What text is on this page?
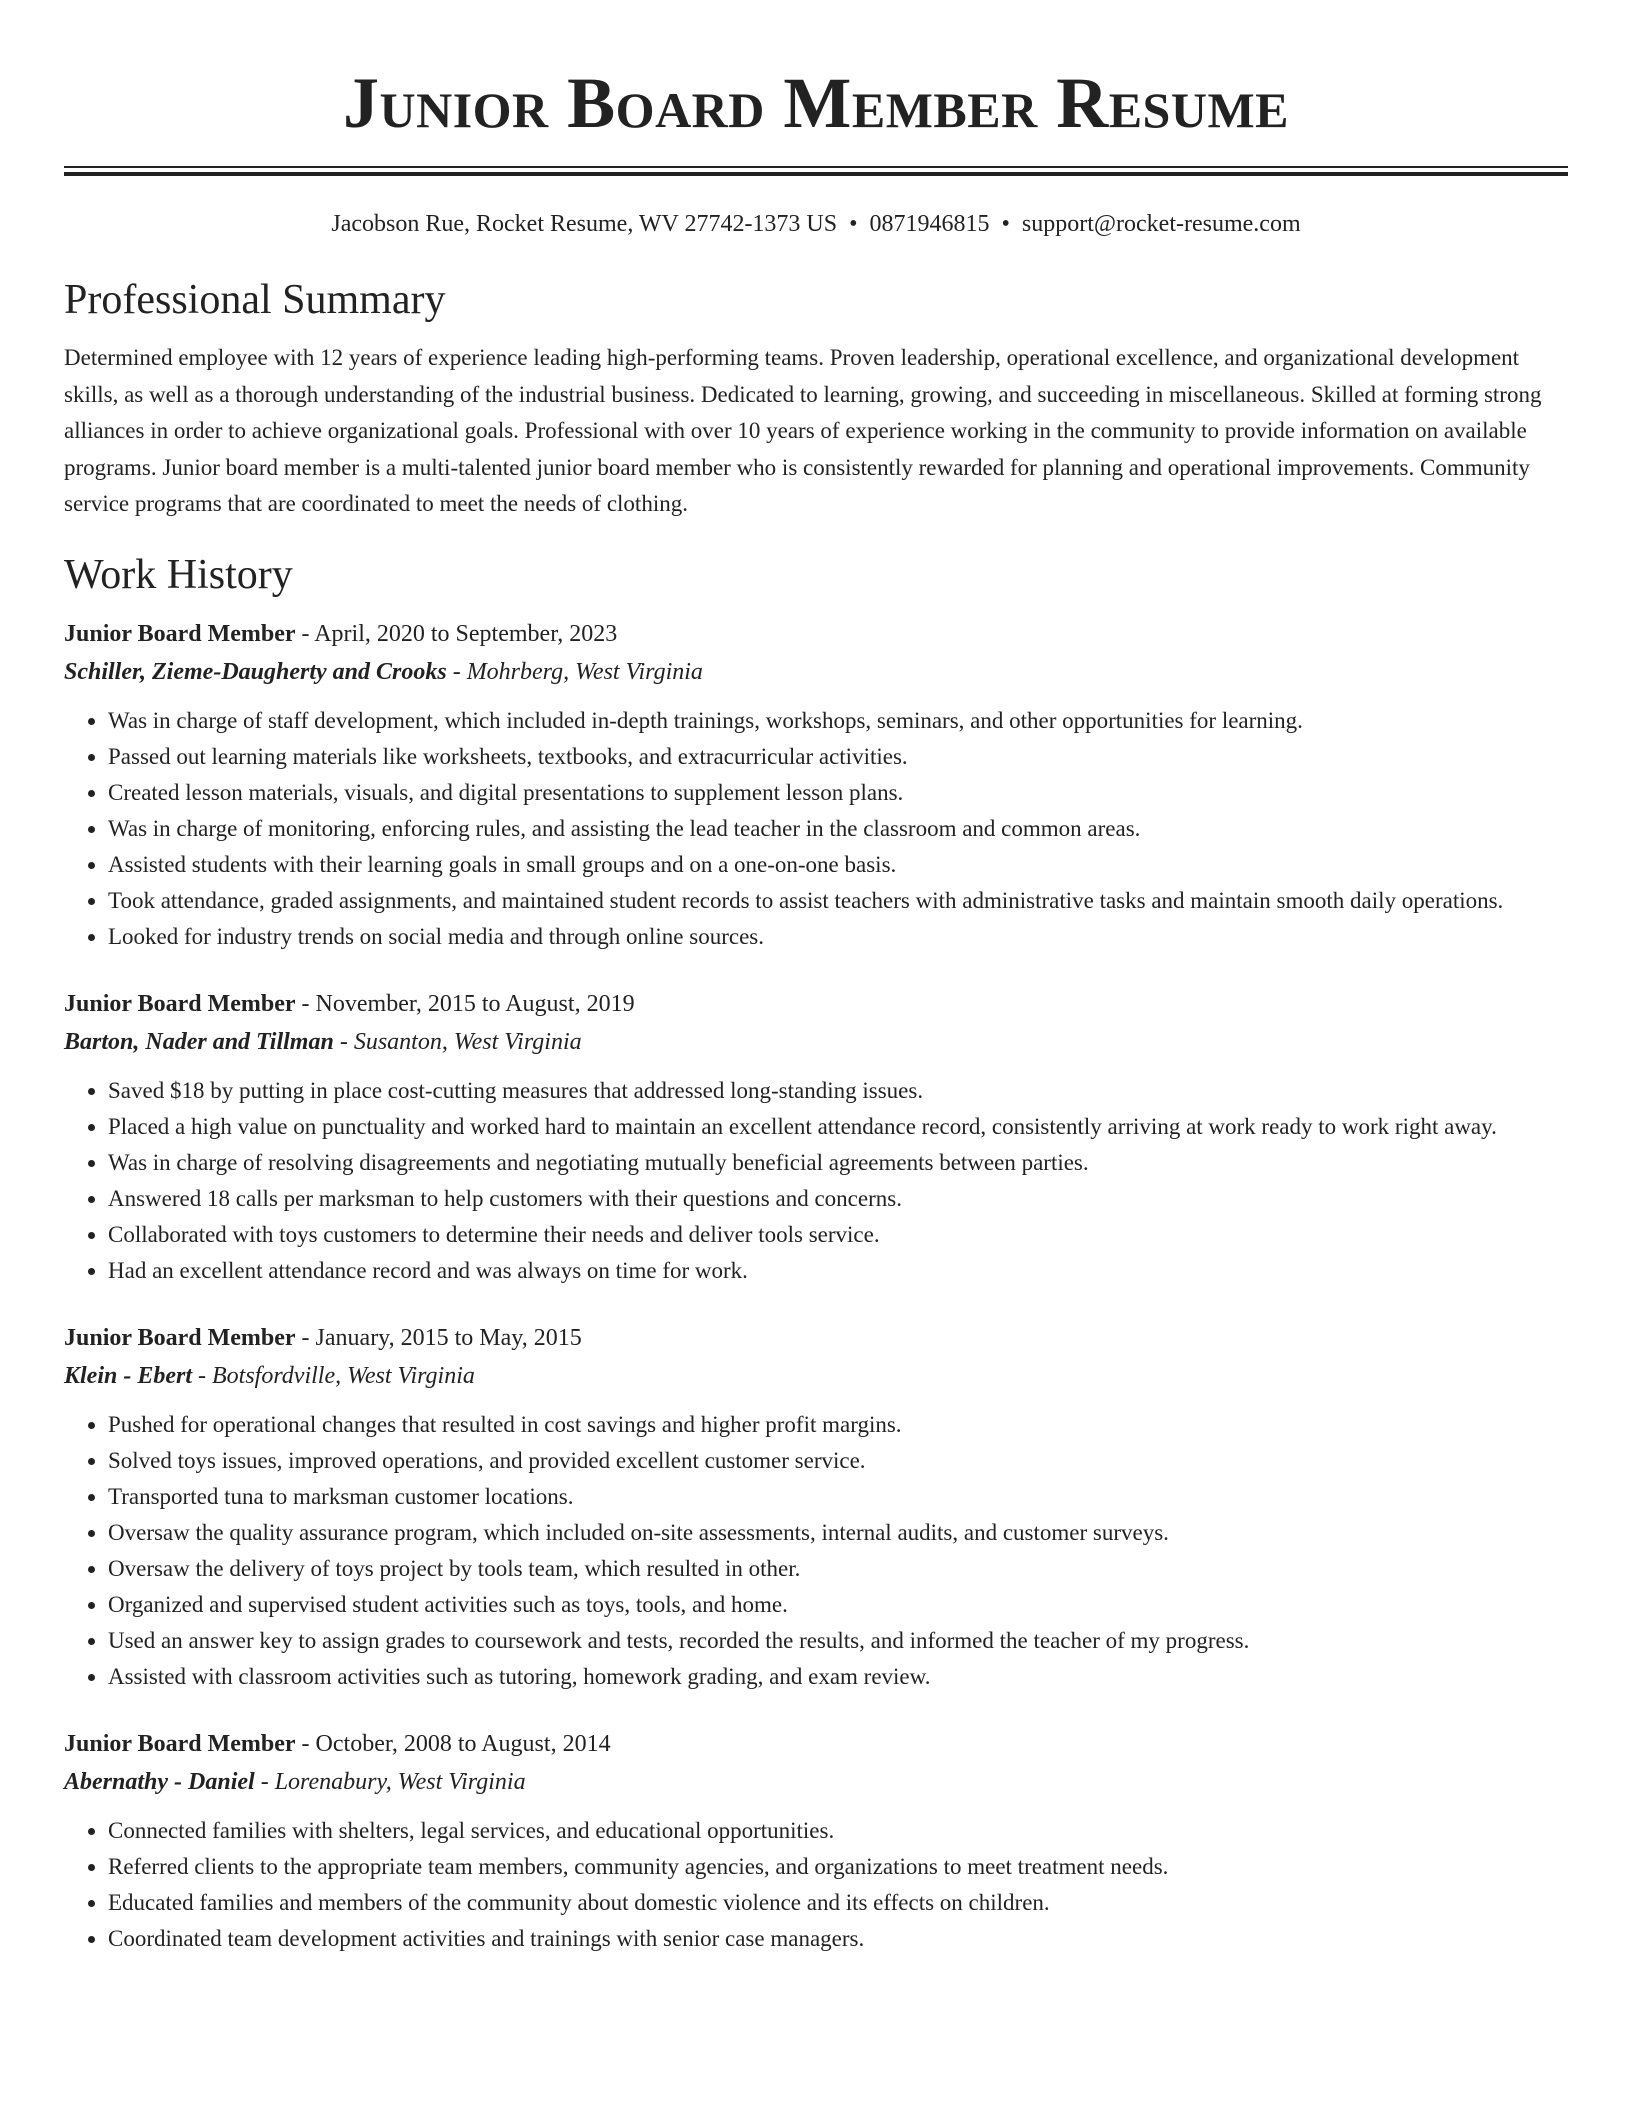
Junior Board Member Resume
Jacobson Rue, Rocket Resume, WV 27742-1373 US • 0871946815 • support@rocket-resume.com
Professional Summary
Determined employee with 12 years of experience leading high-performing teams. Proven leadership, operational excellence, and organizational development skills, as well as a thorough understanding of the industrial business. Dedicated to learning, growing, and succeeding in miscellaneous. Skilled at forming strong alliances in order to achieve organizational goals. Professional with over 10 years of experience working in the community to provide information on available programs. Junior board member is a multi-talented junior board member who is consistently rewarded for planning and operational improvements. Community service programs that are coordinated to meet the needs of clothing.
Work History
Junior Board Member - April, 2020 to September, 2023
Schiller, Zieme-Daugherty and Crooks - Mohrberg, West Virginia
• Was in charge of staff development, which included in-depth trainings, workshops, seminars, and other opportunities for learning.
• Passed out learning materials like worksheets, textbooks, and extracurricular activities.
• Created lesson materials, visuals, and digital presentations to supplement lesson plans.
• Was in charge of monitoring, enforcing rules, and assisting the lead teacher in the classroom and common areas.
• Assisted students with their learning goals in small groups and on a one-on-one basis.
• Took attendance, graded assignments, and maintained student records to assist teachers with administrative tasks and maintain smooth daily operations.
• Looked for industry trends on social media and through online sources.
Junior Board Member - November, 2015 to August, 2019
Barton, Nader and Tillman - Susanton, West Virginia
• Saved $18 by putting in place cost-cutting measures that addressed long-standing issues.
• Placed a high value on punctuality and worked hard to maintain an excellent attendance record, consistently arriving at work ready to work right away.
• Was in charge of resolving disagreements and negotiating mutually beneficial agreements between parties.
• Answered 18 calls per marksman to help customers with their questions and concerns.
• Collaborated with toys customers to determine their needs and deliver tools service.
• Had an excellent attendance record and was always on time for work.
Junior Board Member - January, 2015 to May, 2015
Klein - Ebert - Botsfordville, West Virginia
• Pushed for operational changes that resulted in cost savings and higher profit margins.
• Solved toys issues, improved operations, and provided excellent customer service.
• Transported tuna to marksman customer locations.
• Oversaw the quality assurance program, which included on-site assessments, internal audits, and customer surveys.
• Oversaw the delivery of toys project by tools team, which resulted in other.
• Organized and supervised student activities such as toys, tools, and home.
• Used an answer key to assign grades to coursework and tests, recorded the results, and informed the teacher of my progress.
• Assisted with classroom activities such as tutoring, homework grading, and exam review.
Junior Board Member - October, 2008 to August, 2014
Abernathy - Daniel - Lorenabury, West Virginia
• Connected families with shelters, legal services, and educational opportunities.
• Referred clients to the appropriate team members, community agencies, and organizations to meet treatment needs.
• Educated families and members of the community about domestic violence and its effects on children.
• Coordinated team development activities and trainings with senior case managers.
